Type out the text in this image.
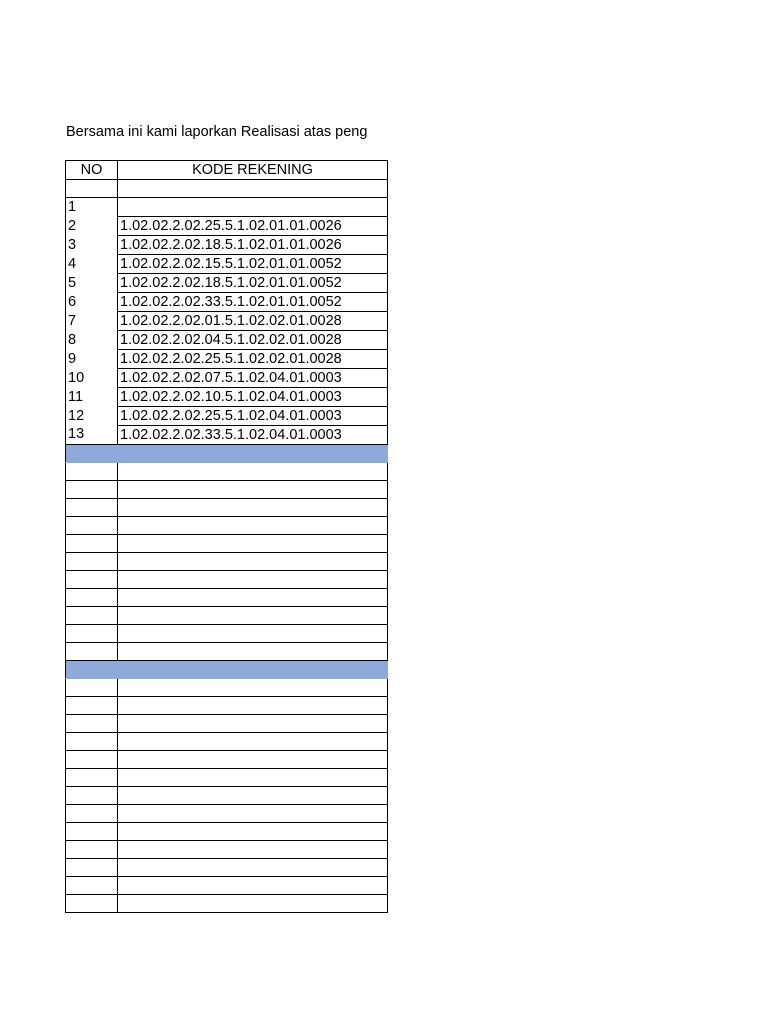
Bersama ini kami laporkan Realisasi atas peng
NO	KODE REKENING

1	
2	1.02.02.2.02.25.5.1.02.01.01.0026
3	1.02.02.2.02.18.5.1.02.01.01.0026
4	1.02.02.2.02.15.5.1.02.01.01.0052
5	1.02.02.2.02.18.5.1.02.01.01.0052
6	1.02.02.2.02.33.5.1.02.01.01.0052
7	1.02.02.2.02.01.5.1.02.02.01.0028
8	1.02.02.2.02.04.5.1.02.02.01.0028
9	1.02.02.2.02.25.5.1.02.02.01.0028
10	1.02.02.2.02.07.5.1.02.04.01.0003
11	1.02.02.2.02.10.5.1.02.04.01.0003
12	1.02.02.2.02.25.5.1.02.04.01.0003
13	1.02.02.2.02.33.5.1.02.04.01.0003
